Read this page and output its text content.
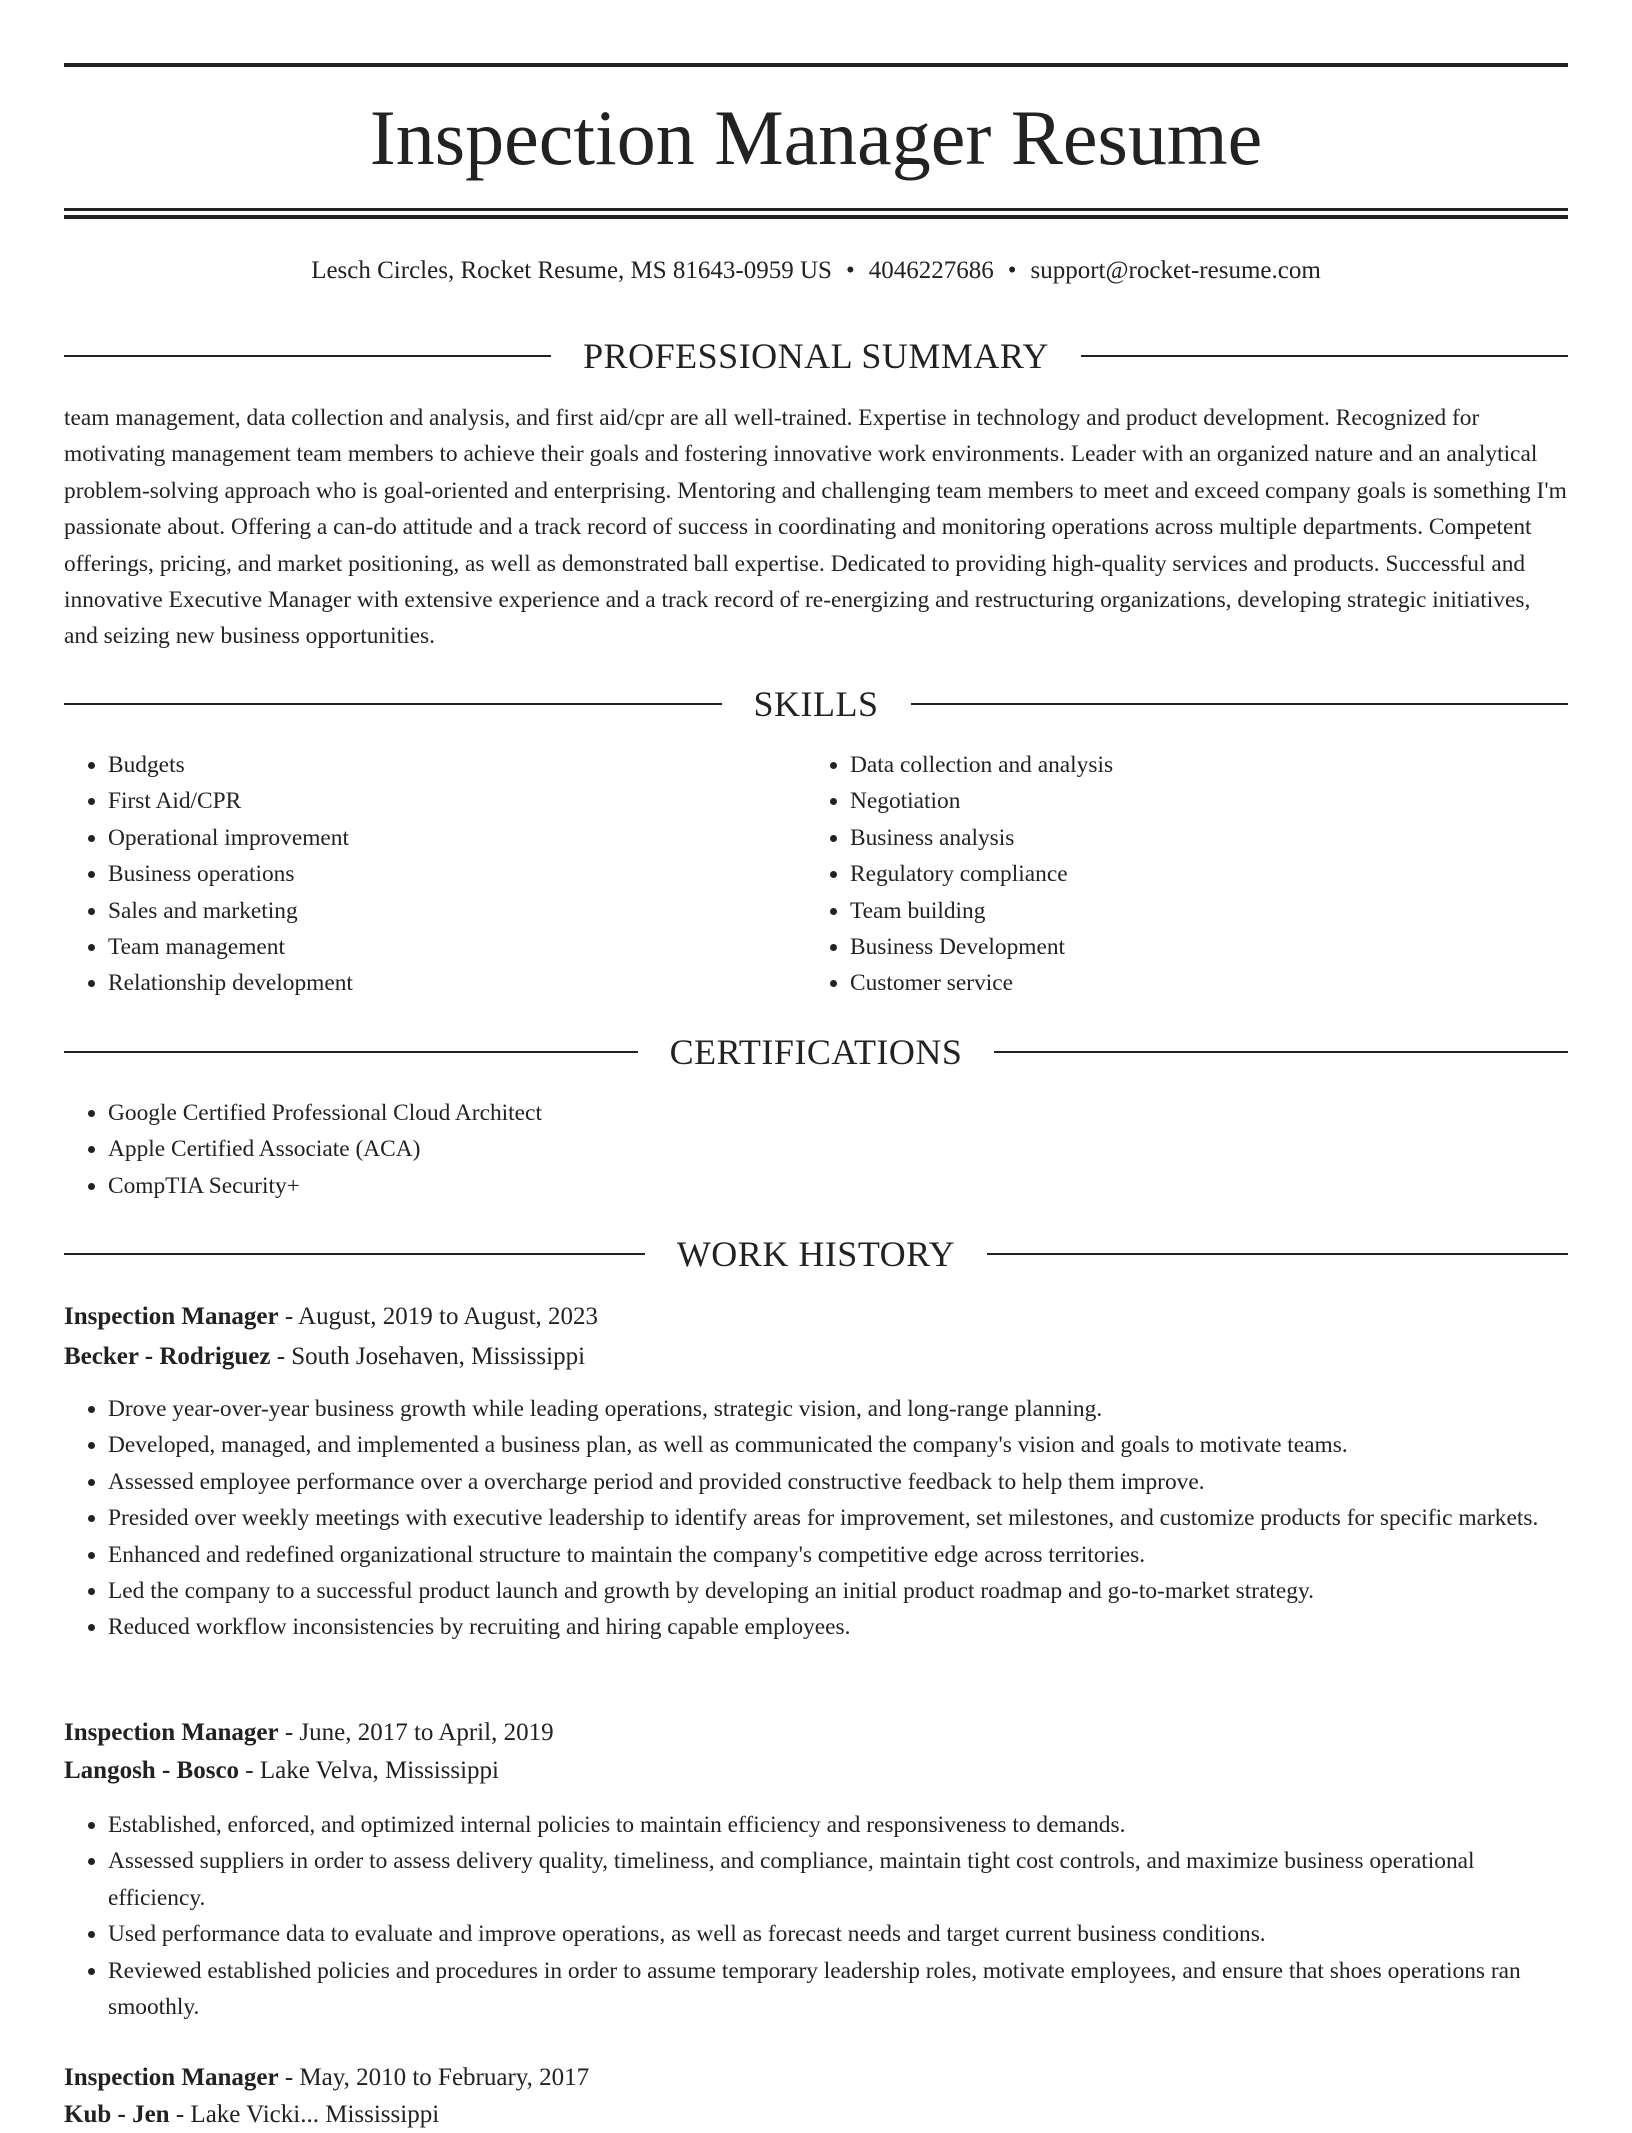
Inspection Manager Resume
Lesch Circles, Rocket Resume, MS 81643-0959 US • 4046227686 • support@rocket-resume.com
PROFESSIONAL SUMMARY

team management, data collection and analysis, and first aid/cpr are all well-trained. Expertise in technology and product development. Recognized for motivating management team members to achieve their goals and fostering innovative work environments. Leader with an organized nature and an analytical problem-solving approach who is goal-oriented and enterprising. Mentoring and challenging team members to meet and exceed company goals is something I'm passionate about. Offering a can-do attitude and a track record of success in coordinating and monitoring operations across multiple departments. Competent offerings, pricing, and market positioning, as well as demonstrated ball expertise. Dedicated to providing high-quality services and products. Successful and innovative Executive Manager with extensive experience and a track record of re-energizing and restructuring organizations, developing strategic initiatives, and seizing new business opportunities.

SKILLS
• Budgets
• First Aid/CPR
• Operational improvement
• Business operations
• Sales and marketing
• Team management
• Relationship development
• Data collection and analysis
• Negotiation
• Business analysis
• Regulatory compliance
• Team building
• Business Development
• Customer service
CERTIFICATIONS
• Google Certified Professional Cloud Architect
• Apple Certified Associate (ACA)
• CompTIA Security+
WORK HISTORY
Inspection Manager - August, 2019 to August, 2023
Becker - Rodriguez - South Josehaven, Mississippi
• Drove year-over-year business growth while leading operations, strategic vision, and long-range planning.
• Developed, managed, and implemented a business plan, as well as communicated the company's vision and goals to motivate teams.
• Assessed employee performance over a overcharge period and provided constructive feedback to help them improve.
• Presided over weekly meetings with executive leadership to identify areas for improvement, set milestones, and customize products for specific markets.
• Enhanced and redefined organizational structure to maintain the company's competitive edge across territories.
• Led the company to a successful product launch and growth by developing an initial product roadmap and go-to-market strategy.
• Reduced workflow inconsistencies by recruiting and hiring capable employees.
Inspection Manager - June, 2017 to April, 2019
Langosh - Bosco - Lake Velva, Mississippi
• Established, enforced, and optimized internal policies to maintain efficiency and responsiveness to demands.
• Assessed suppliers in order to assess delivery quality, timeliness, and compliance, maintain tight cost controls, and maximize business operational efficiency.
• Used performance data to evaluate and improve operations, as well as forecast needs and target current business conditions.
• Reviewed established policies and procedures in order to assume temporary leadership roles, motivate employees, and ensure that shoes operations ran smoothly.
Inspection Manager - May, 2010 to February, 2017
Kub - Jen - Lake Vicki... Mississippi
